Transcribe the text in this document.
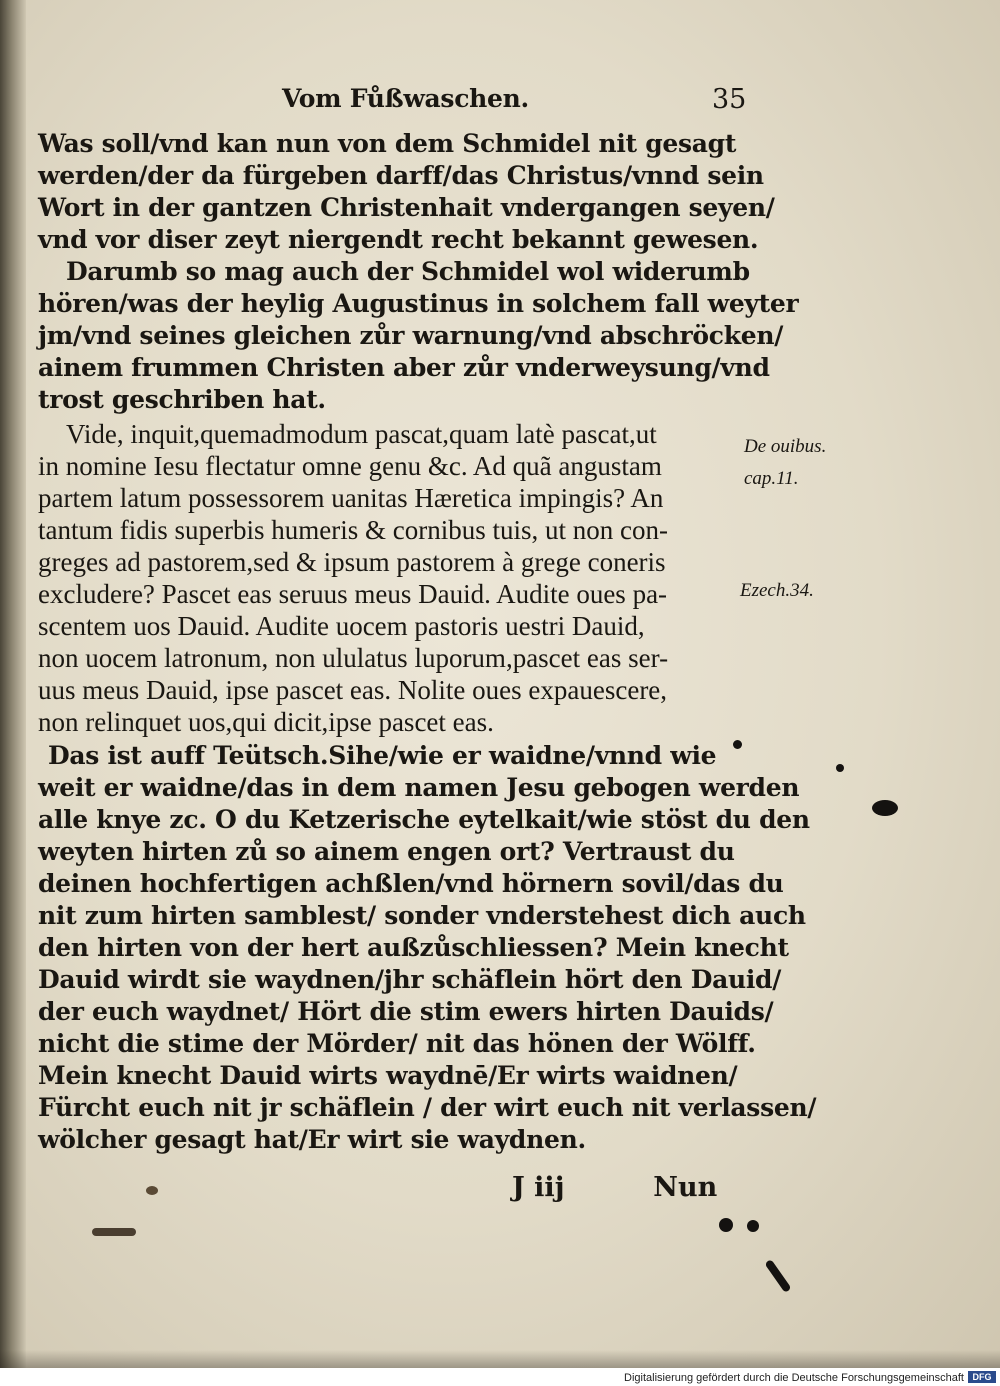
Vom Fůßwaschen.	35
Was soll/vnd kan nun von dem Schmidel nit gesagt
werden/der da fürgeben darff/das Christus/vnnd sein
Wort in der gantzen Christenhait vndergangen seyen/
vnd vor diser zeyt niergendt recht bekannt gewesen.
Darumb so mag auch der Schmidel wol widerumb
hören/was der heylig Augustinus in solchem fall weyter
jm/vnd seines gleichen zůr warnung/vnd abschröcken/
ainem frummen Christen aber zůr vnderweysung/vnd
trost geschriben hat.
Vide, inquit,quemadmodum pascat,quam latè pascat,ut
in nomine Iesu flectatur omne genu &c. Ad quã angustam
partem latum possessorem uanitas Hæretica impingis? An
tantum fidis superbis humeris & cornibus tuis, ut non con-
greges ad pastorem,sed & ipsum pastorem à grege coneris
excludere? Pascet eas seruus meus Dauid. Audite oues pa-
scentem uos Dauid. Audite uocem pastoris uestri Dauid,
non uocem latronum, non ululatus luporum,pascet eas ser-
uus meus Dauid, ipse pascet eas. Nolite oues expauescere,
non relinquet uos,qui dicit,ipse pascet eas.
Das ist auff Teütsch.Sihe/wie er waidne/vnnd wie
weit er waidne/das in dem namen Jesu gebogen werden
alle knye zc. O du Ketzerische eytelkait/wie stöst du den
weyten hirten zů so ainem engen ort? Vertraust du
deinen hochfertigen achßlen/vnd hörnern sovil/das du
nit zum hirten samblest/ sonder vnderstehest dich auch
den hirten von der hert außzůschliessen? Mein knecht
Dauid wirdt sie waydnen/jhr schäflein hört den Dauid/
der euch waydnet/ Hört die stim ewers hirten Dauids/
nicht die stime der Mörder/ nit das hönen der Wölff.
Mein knecht Dauid wirts waydnē/Er wirts waidnen/
Fürcht euch nit jr schäflein / der wirt euch nit verlassen/
wölcher gesagt hat/Er wirt sie waydnen.
De ouibus.
cap.11.
Ezech.34.
J iij	Nun
Digitalisierung gefördert durch die Deutsche Forschungsgemeinschaft DFG
